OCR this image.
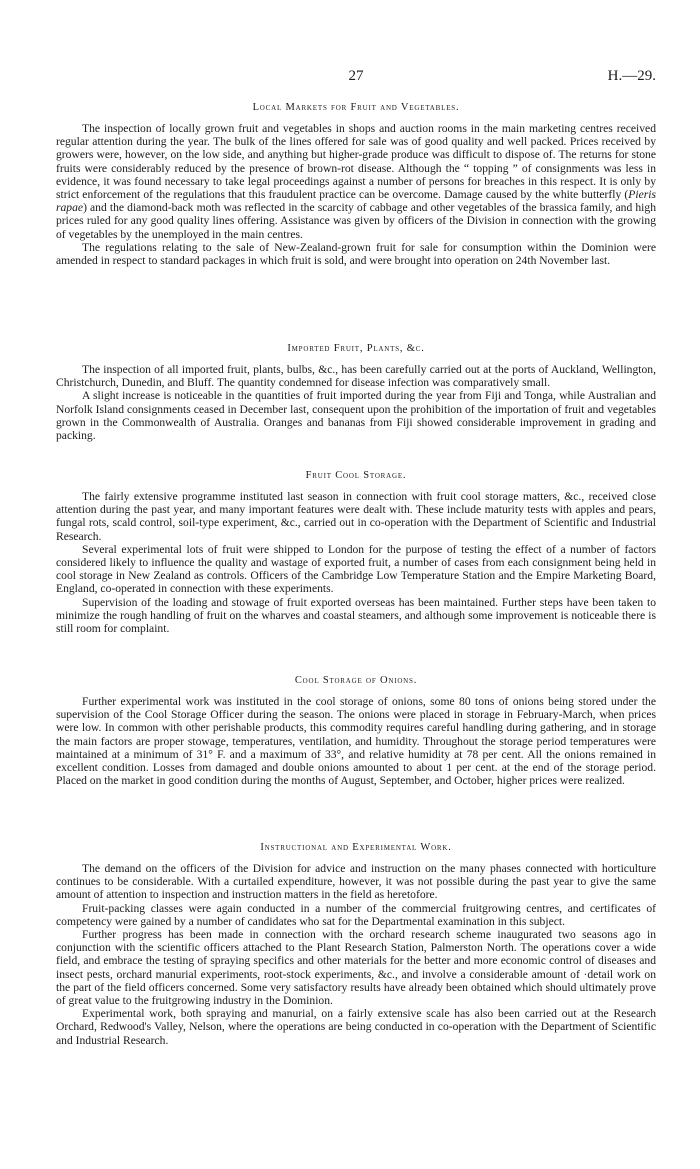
27	H.—29.
Local Markets for Fruit and Vegetables.

The inspection of locally grown fruit and vegetables in shops and auction rooms in the main marketing centres received regular attention during the year. The bulk of the lines offered for sale was of good quality and well packed. Prices received by growers were, however, on the low side, and anything but higher-grade produce was difficult to dispose of. The returns for stone fruits were considerably reduced by the presence of brown-rot disease. Although the “ topping ” of consignments was less in evidence, it was found necessary to take legal proceedings against a number of persons for breaches in this respect. It is only by strict enforcement of the regulations that this fraudulent practice can be overcome. Damage caused by the white butterfly (Pieris rapae) and the diamond-back moth was reflected in the scarcity of cabbage and other vegetables of the brassica family, and high prices ruled for any good quality lines offering. Assistance was given by officers of the Division in connection with the growing of vegetables by the unemployed in the main centres.

The regulations relating to the sale of New-Zealand-grown fruit for sale for consumption within the Dominion were amended in respect to standard packages in which fruit is sold, and were brought into operation on 24th November last.

Imported Fruit, Plants, &c.

The inspection of all imported fruit, plants, bulbs, &c., has been carefully carried out at the ports of Auckland, Wellington, Christchurch, Dunedin, and Bluff. The quantity condemned for disease infection was comparatively small.

A slight increase is noticeable in the quantities of fruit imported during the year from Fiji and Tonga, while Australian and Norfolk Island consignments ceased in December last, consequent upon the prohibition of the importation of fruit and vegetables grown in the Commonwealth of Australia. Oranges and bananas from Fiji showed considerable improvement in grading and packing.

Fruit Cool Storage.

The fairly extensive programme instituted last season in connection with fruit cool storage matters, &c., received close attention during the past year, and many important features were dealt with. These include maturity tests with apples and pears, fungal rots, scald control, soil-type experiment, &c., carried out in co-operation with the Department of Scientific and Industrial Research.

Several experimental lots of fruit were shipped to London for the purpose of testing the effect of a number of factors considered likely to influence the quality and wastage of exported fruit, a number of cases from each consignment being held in cool storage in New Zealand as controls. Officers of the Cambridge Low Temperature Station and the Empire Marketing Board, England, co-operated in connection with these experiments.

Supervision of the loading and stowage of fruit exported overseas has been maintained. Further steps have been taken to minimize the rough handling of fruit on the wharves and coastal steamers, and although some improvement is noticeable there is still room for complaint.

Cool Storage of Onions.

Further experimental work was instituted in the cool storage of onions, some 80 tons of onions being stored under the supervision of the Cool Storage Officer during the season. The onions were placed in storage in February-March, when prices were low. In common with other perishable products, this commodity requires careful handling during gathering, and in storage the main factors are proper stowage, temperatures, ventilation, and humidity. Throughout the storage period temperatures were maintained at a minimum of 31° F. and a maximum of 33°, and relative humidity at 78 per cent. All the onions remained in excellent condition. Losses from damaged and double onions amounted to about 1 per cent. at the end of the storage period. Placed on the market in good condition during the months of August, September, and October, higher prices were realized.

Instructional and Experimental Work.

The demand on the officers of the Division for advice and instruction on the many phases connected with horticulture continues to be considerable. With a curtailed expenditure, however, it was not possible during the past year to give the same amount of attention to inspection and instruction matters in the field as heretofore.

Fruit-packing classes were again conducted in a number of the commercial fruitgrowing centres, and certificates of competency were gained by a number of candidates who sat for the Departmental examination in this subject.

Further progress has been made in connection with the orchard research scheme inaugurated two seasons ago in conjunction with the scientific officers attached to the Plant Research Station, Palmerston North. The operations cover a wide field, and embrace the testing of spraying specifics and other materials for the better and more economic control of diseases and insect pests, orchard manurial experiments, root-stock experiments, &c., and involve a considerable amount of ·detail work on the part of the field officers concerned. Some very satisfactory results have already been obtained which should ultimately prove of great value to the fruitgrowing industry in the Dominion.

Experimental work, both spraying and manurial, on a fairly extensive scale has also been carried out at the Research Orchard, Redwood's Valley, Nelson, where the operations are being conducted in co-operation with the Department of Scientific and Industrial Research.
